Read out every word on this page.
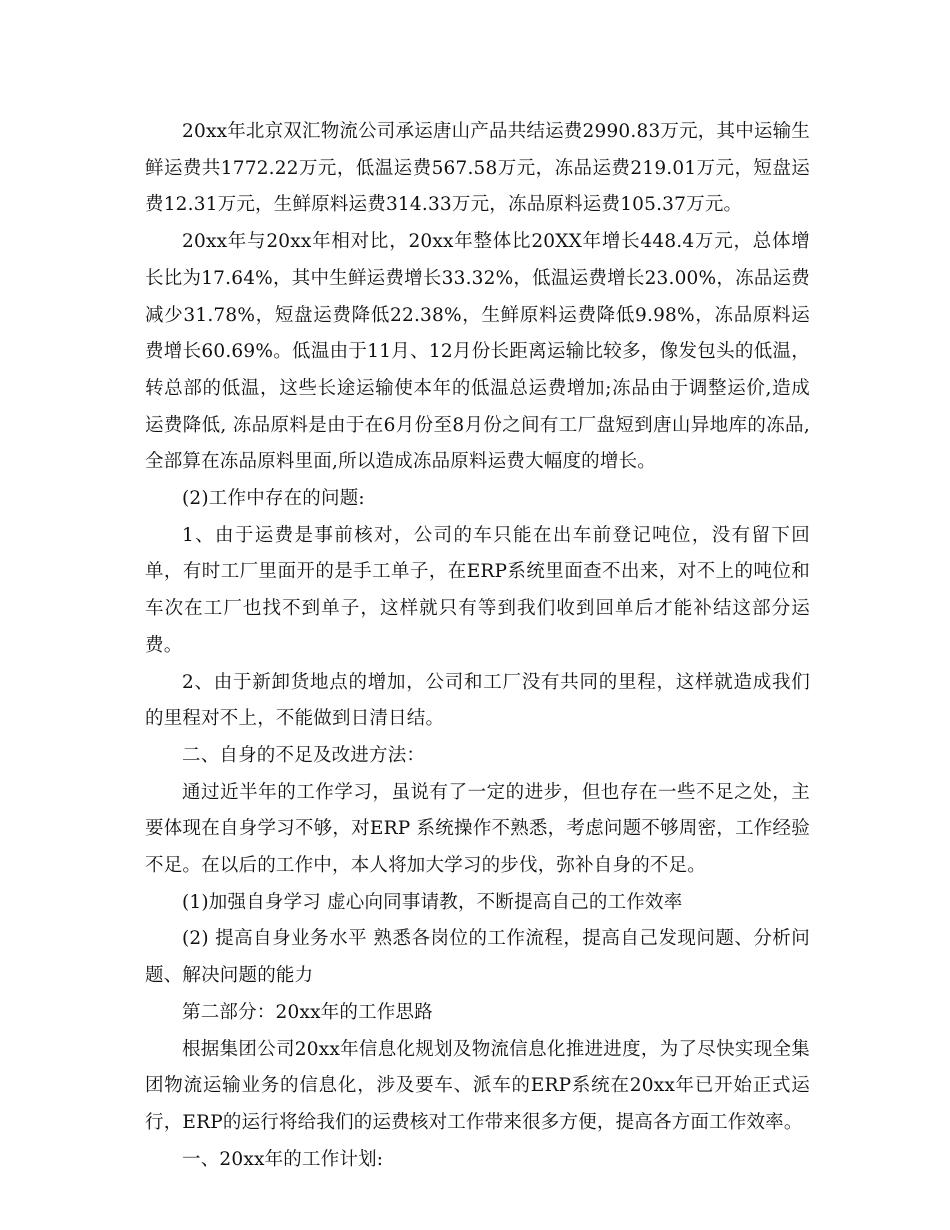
20xx年北京双汇物流公司承运唐山产品共结运费2990.83万元，其中运输生鲜运费共1772.22万元，低温运费567.58万元，冻品运费219.01万元，短盘运费12.31万元，生鲜原料运费314.33万元，冻品原料运费105.37万元。

20xx年与20xx年相对比，20xx年整体比20XX年增长448.4万元，总体增长比为17.64%，其中生鲜运费增长33.32%，低温运费增长23.00%，冻品运费减少31.78%，短盘运费降低22.38%，生鲜原料运费降低9.98%，冻品原料运费增长60.69%。低温由于11月、12月份长距离运输比较多，像发包头的低温，转总部的低温，这些长途运输使本年的低温总运费增加;冻品由于调整运价,造成运费降低, 冻品原料是由于在6月份至8月份之间有工厂盘短到唐山异地库的冻品,全部算在冻品原料里面,所以造成冻品原料运费大幅度的增长。

(2)工作中存在的问题:

1、由于运费是事前核对，公司的车只能在出车前登记吨位，没有留下回单，有时工厂里面开的是手工单子，在ERP系统里面查不出来，对不上的吨位和车次在工厂也找不到单子，这样就只有等到我们收到回单后才能补结这部分运费。

2、由于新卸货地点的增加，公司和工厂没有共同的里程，这样就造成我们的里程对不上，不能做到日清日结。

二、自身的不足及改进方法：

通过近半年的工作学习，虽说有了一定的进步，但也存在一些不足之处，主要体现在自身学习不够，对ERP 系统操作不熟悉，考虑问题不够周密，工作经验不足。在以后的工作中，本人将加大学习的步伐，弥补自身的不足。

(1)加强自身学习 虚心向同事请教，不断提高自己的工作效率

(2) 提高自身业务水平 熟悉各岗位的工作流程，提高自己发现问题、分析问题、解决问题的能力

第二部分：20xx年的工作思路

根据集团公司20xx年信息化规划及物流信息化推进进度，为了尽快实现全集团物流运输业务的信息化，涉及要车、派车的ERP系统在20xx年已开始正式运行，ERP的运行将给我们的运费核对工作带来很多方便，提高各方面工作效率。

一、20xx年的工作计划:
